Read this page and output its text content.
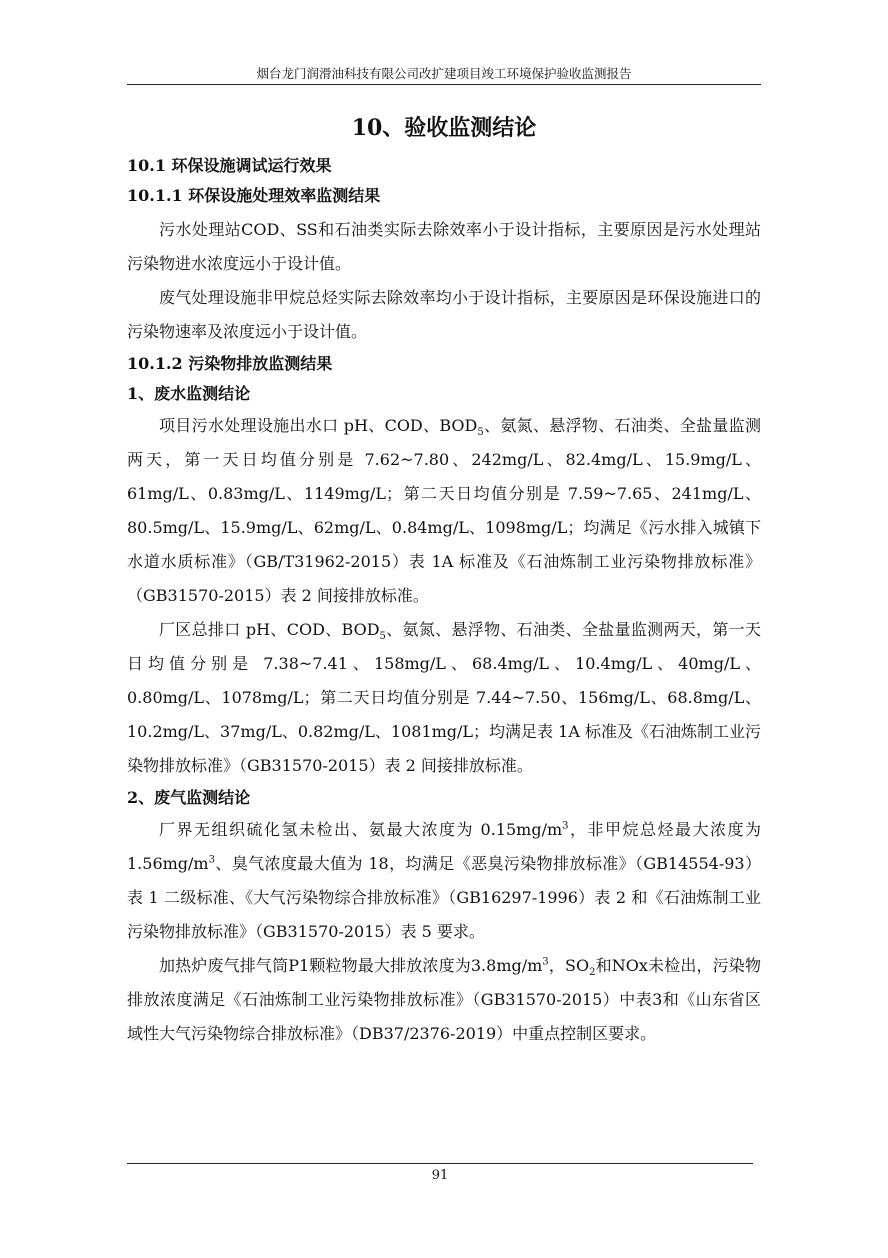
烟台龙门润滑油科技有限公司改扩建项目竣工环境保护验收监测报告
10、验收监测结论

10.1 环保设施调试运行效果

10.1.1 环保设施处理效率监测结果

污水处理站COD、SS和石油类实际去除效率小于设计指标，主要原因是污水处理站污染物进水浓度远小于设计值。

废气处理设施非甲烷总烃实际去除效率均小于设计指标，主要原因是环保设施进口的污染物速率及浓度远小于设计值。

10.1.2 污染物排放监测结果

1、废水监测结论

项目污水处理设施出水口 pH、COD、$BOD_5$、氨氮、悬浮物、石油类、全盐量监测两天，第一天日均值分别是 7.62~7.80、242mg/L、82.4mg/L、15.9mg/L、61mg/L、0.83mg/L、1149mg/L；第二天日均值分别是 7.59~7.65、241mg/L、80.5mg/L、15.9mg/L、62mg/L、0.84mg/L、1098mg/L；均满足《污水排入城镇下水道水质标准》（GB/T31962-2015）表 1A 标准及《石油炼制工业污染物排放标准》（GB31570-2015）表 2 间接排放标准。

厂区总排口 pH、COD、$BOD_5$、氨氮、悬浮物、石油类、全盐量监测两天，第一天日均值分别是 7.38~7.41、158mg/L、68.4mg/L、10.4mg/L、40mg/L、0.80mg/L、1078mg/L；第二天日均值分别是 7.44~7.50、156mg/L、68.8mg/L、10.2mg/L、37mg/L、0.82mg/L、1081mg/L；均满足表 1A 标准及《石油炼制工业污染物排放标准》（GB31570-2015）表 2 间接排放标准。

2、废气监测结论

厂界无组织硫化氢未检出、氨最大浓度为 $0.15mg/m^3$，非甲烷总烃最大浓度为 $1.56mg/m^3$、臭气浓度最大值为 18，均满足《恶臭污染物排放标准》（GB14554-93）表 1 二级标准、《大气污染物综合排放标准》（GB16297-1996）表 2 和《石油炼制工业污染物排放标准》（GB31570-2015）表 5 要求。

加热炉废气排气筒P1颗粒物最大排放浓度为$3.8mg/m^3$，$SO_2$和NOx未检出，污染物排放浓度满足《石油炼制工业污染物排放标准》（GB31570-2015）中表3和《山东省区域性大气污染物综合排放标准》（DB37/2376-2019）中重点控制区要求。

91
